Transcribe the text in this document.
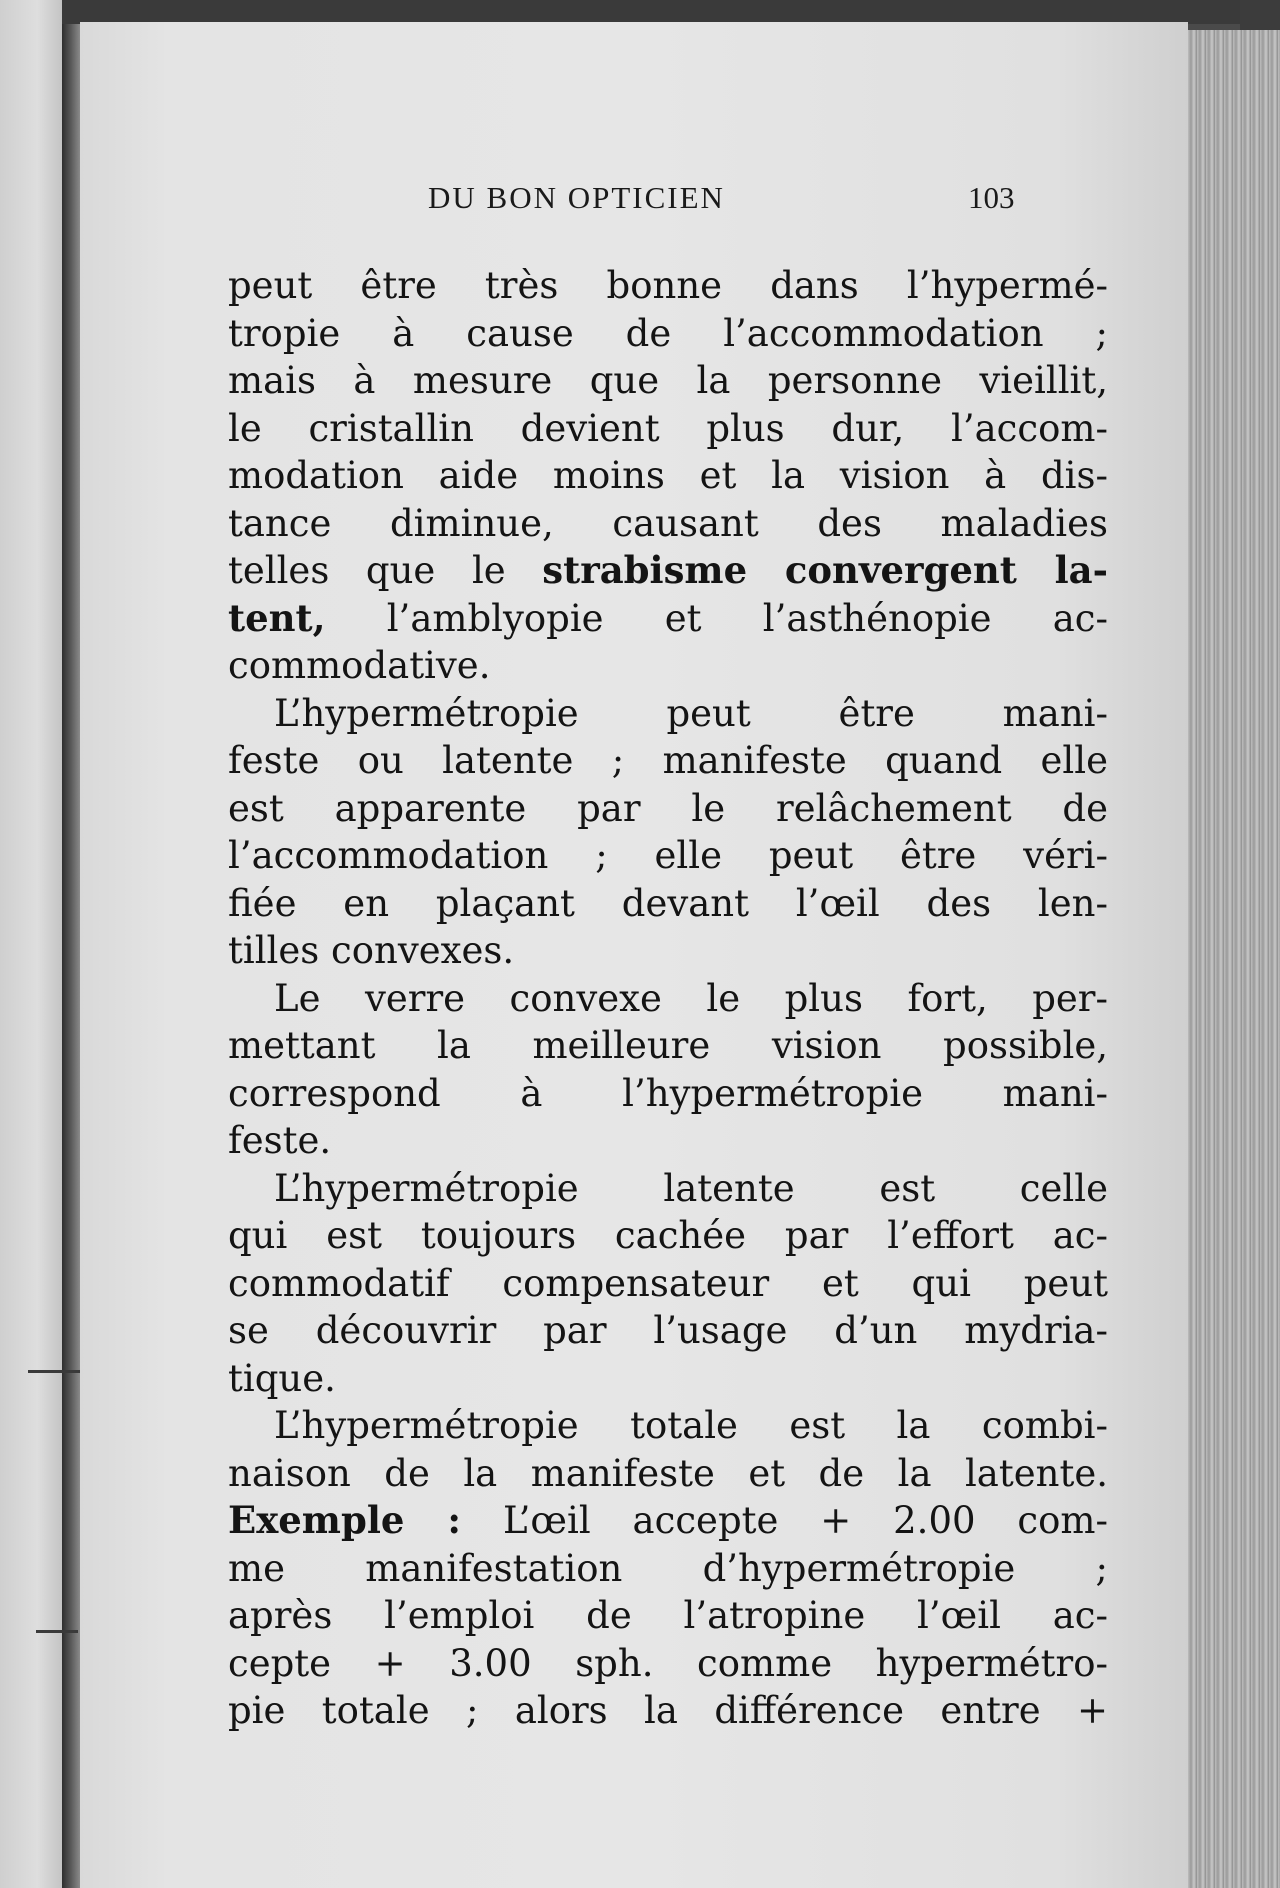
DU BON OPTICIEN	103
peut être très bonne dans l’hypermé-
tropie à cause de l’accommodation ;
mais à mesure que la personne vieillit,
le cristallin devient plus dur, l’accom-
modation aide moins et la vision à dis-
tance diminue, causant des maladies
telles que le strabisme convergent la-
tent, l’amblyopie et l’asthénopie ac-
commodative.
L’hypermétropie peut être mani-
feste ou latente ; manifeste quand elle
est apparente par le relâchement de
l’accommodation ; elle peut être véri-
fiée en plaçant devant l’œil des len-
tilles convexes.
Le verre convexe le plus fort, per-
mettant la meilleure vision possible,
correspond à l’hypermétropie mani-
feste.
L’hypermétropie latente est celle
qui est toujours cachée par l’effort ac-
commodatif compensateur et qui peut
se découvrir par l’usage d’un mydria-
tique.
L’hypermétropie totale est la combi-
naison de la manifeste et de la latente.
Exemple : L’œil accepte + 2.00 com-
me manifestation d’hypermétropie ;
après l’emploi de l’atropine l’œil ac-
cepte + 3.00 sph. comme hypermétro-
pie totale ; alors la différence entre +
